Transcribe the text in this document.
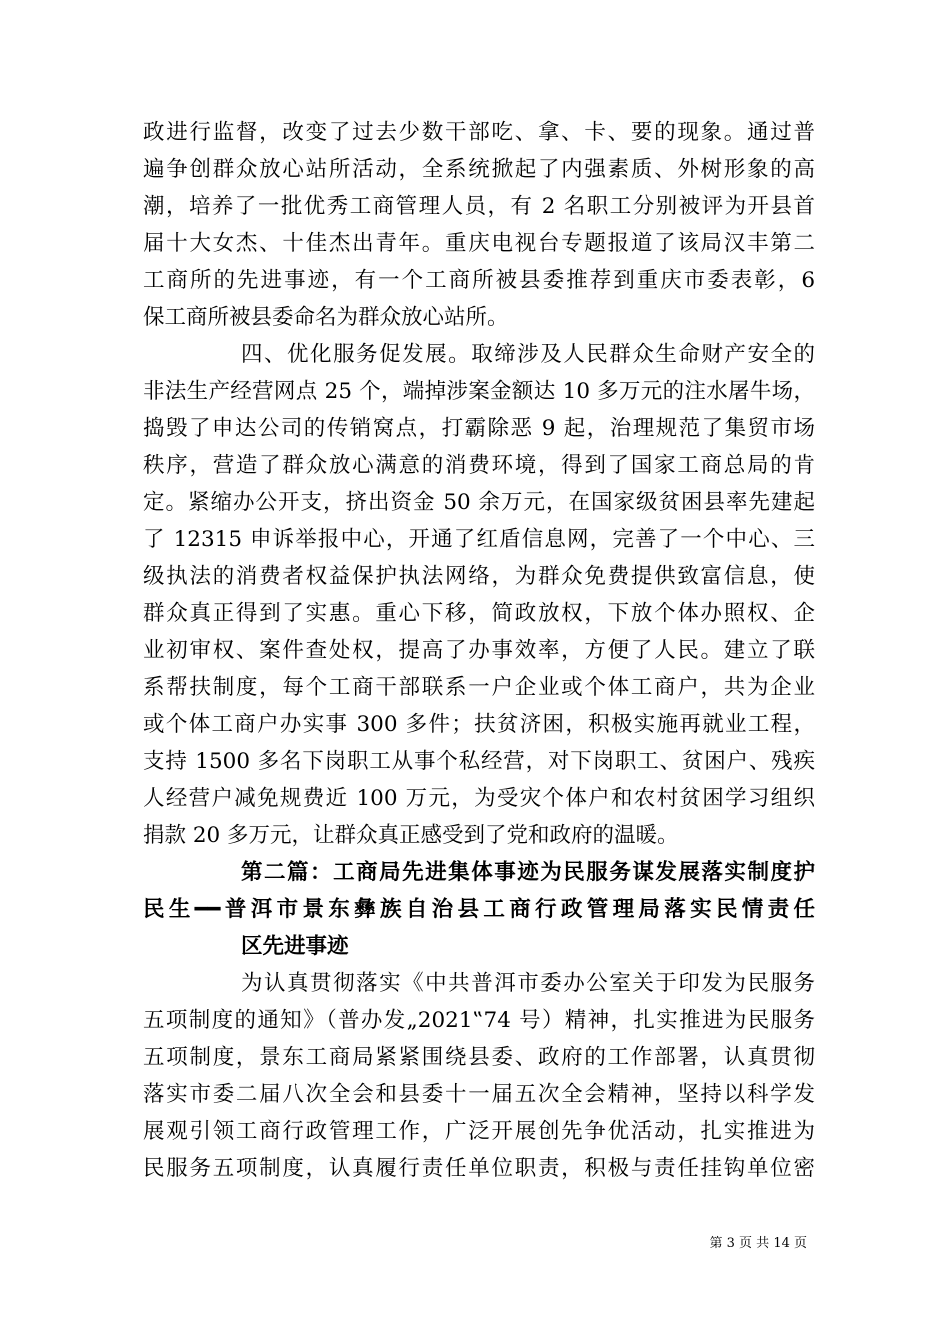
政进行监督，改变了过去少数干部吃、拿、卡、要的现象。通过普
遍争创群众放心站所活动，全系统掀起了内强素质、外树形象的高
潮，培养了一批优秀工商管理人员，有 2 名职工分别被评为开县首
届十大女杰、十佳杰出青年。重庆电视台专题报道了该局汉丰第二
工商所的先进事迹，有一个工商所被县委推荐到重庆市委表彰，6
保工商所被县委命名为群众放心站所。
四、优化服务促发展。取缔涉及人民群众生命财产安全的
非法生产经营网点 25 个，端掉涉案金额达 10 多万元的注水屠牛场，
捣毁了申达公司的传销窝点，打霸除恶 9 起，治理规范了集贸市场
秩序，营造了群众放心满意的消费环境，得到了国家工商总局的肯
定。紧缩办公开支，挤出资金 50 余万元，在国家级贫困县率先建起
了 12315 申诉举报中心，开通了红盾信息网，完善了一个中心、三
级执法的消费者权益保护执法网络，为群众免费提供致富信息，使
群众真正得到了实惠。重心下移，简政放权，下放个体办照权、企
业初审权、案件查处权，提高了办事效率，方便了人民。建立了联
系帮扶制度，每个工商干部联系一户企业或个体工商户，共为企业
或个体工商户办实事 300 多件；扶贫济困，积极实施再就业工程，
支持 1500 多名下岗职工从事个私经营，对下岗职工、贫困户、残疾
人经营户减免规费近 100 万元，为受灾个体户和农村贫困学习组织
捐款 20 多万元，让群众真正感受到了党和政府的温暖。
第二篇：工商局先进集体事迹为民服务谋发展落实制度护
民生━━普洱市景东彝族自治县工商行政管理局落实民情责任
区先进事迹
为认真贯彻落实《中共普洱市委办公室关于印发为民服务
五项制度的通知》（普办发„2021‟74 号）精神，扎实推进为民服务
五项制度，景东工商局紧紧围绕县委、政府的工作部署，认真贯彻
落实市委二届八次全会和县委十一届五次全会精神，坚持以科学发
展观引领工商行政管理工作，广泛开展创先争优活动，扎实推进为
民服务五项制度，认真履行责任单位职责，积极与责任挂钩单位密
第 3 页 共 14 页
